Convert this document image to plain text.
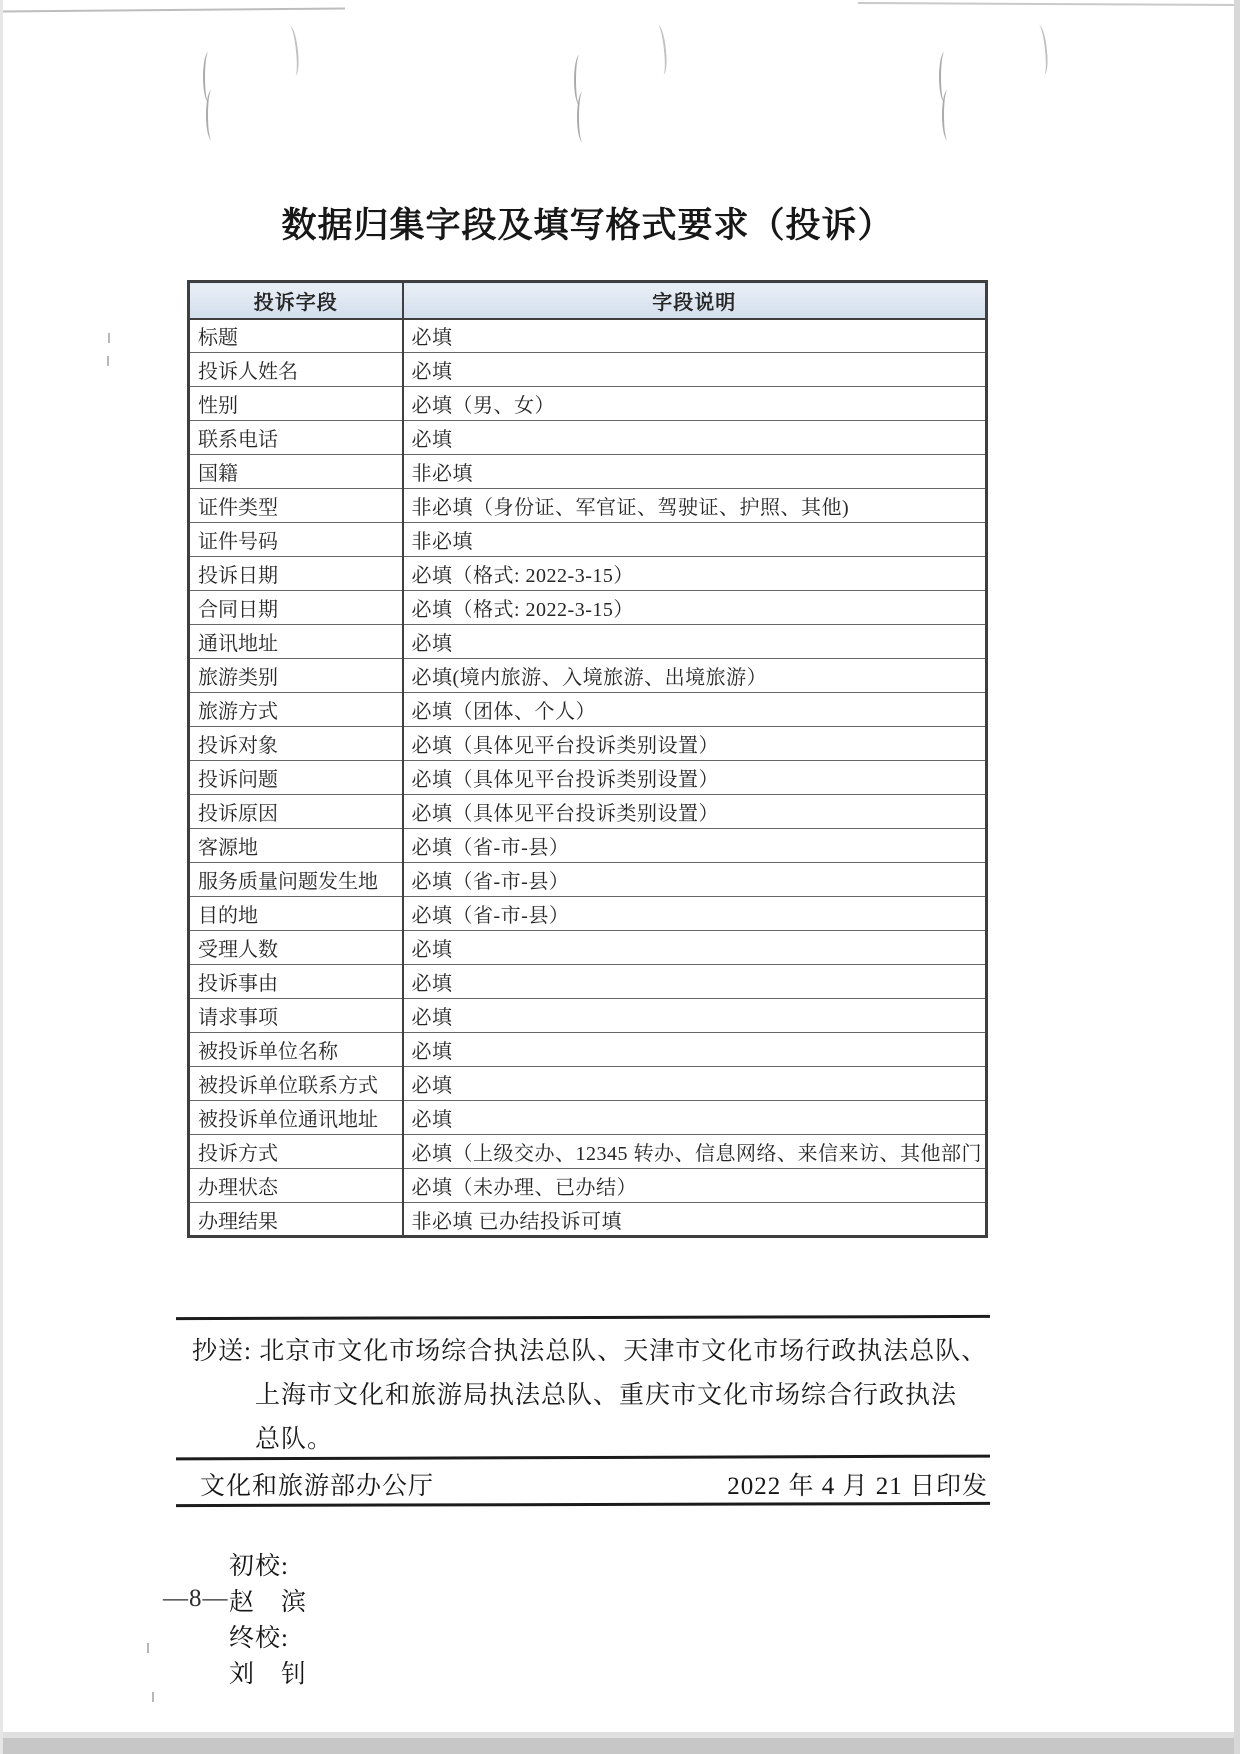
数据归集字段及填写格式要求（投诉）
投诉字段	字段说明
标题	必填
投诉人姓名	必填
性别	必填（男、女）
联系电话	必填
国籍	非必填
证件类型	非必填（身份证、军官证、驾驶证、护照、其他)
证件号码	非必填
投诉日期	必填（格式: 2022-3-15）
合同日期	必填（格式: 2022-3-15）
通讯地址	必填
旅游类别	必填(境内旅游、入境旅游、出境旅游）
旅游方式	必填（团体、个人）
投诉对象	必填（具体见平台投诉类别设置）
投诉问题	必填（具体见平台投诉类别设置）
投诉原因	必填（具体见平台投诉类别设置）
客源地	必填（省-市-县）
服务质量问题发生地	必填（省-市-县）
目的地	必填（省-市-县）
受理人数	必填
投诉事由	必填
请求事项	必填
被投诉单位名称	必填
被投诉单位联系方式	必填
被投诉单位通讯地址	必填
投诉方式	必填（上级交办、12345 转办、信息网络、来信来访、其他部门
办理状态	必填（未办理、已办结）
办理结果	非必填 已办结投诉可填
抄送: 北京市文化市场综合执法总队、天津市文化市场行政执法总队、
上海市文化和旅游局执法总队、重庆市文化市场综合行政执法
总队。
文化和旅游部办公厅	2022 年 4 月 21 日印发

初校:
赵　滨
终校:
刘　钊

—8—
